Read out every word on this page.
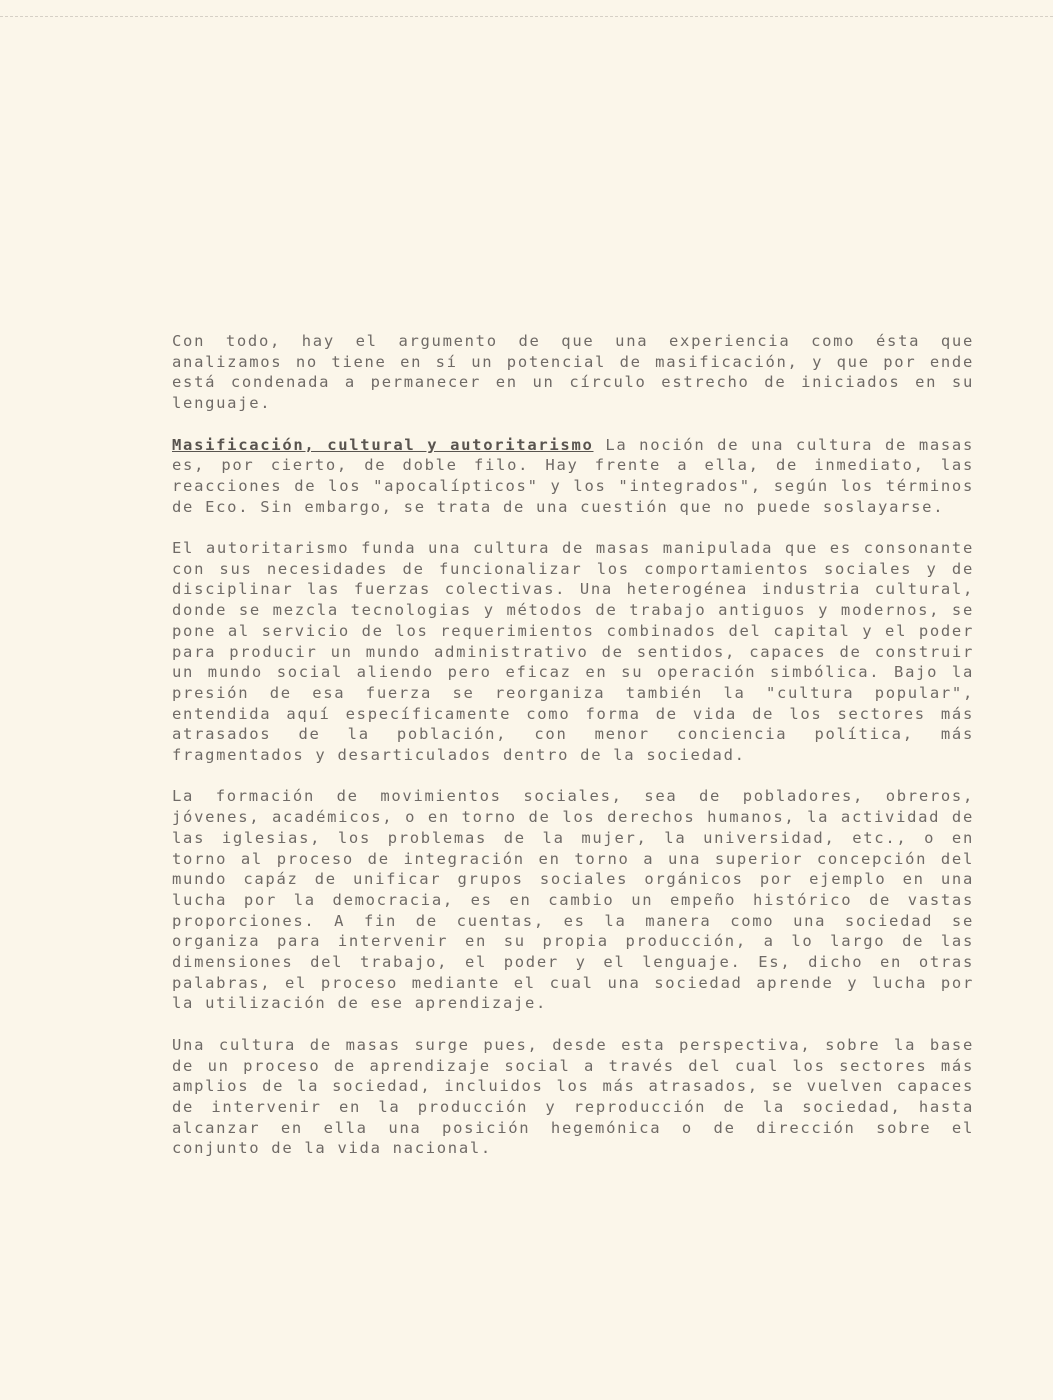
Con todo, hay el argumento de que una experiencia como ésta que analizamos no tiene en sí un potencial de masificación, y que por ende está condenada a permanecer en un círculo estrecho de iniciados en su lenguaje.

Masificación, cultural y autoritarismo La noción de una cultura de masas es, por cierto, de doble filo. Hay frente a ella, de inmediato, las reacciones de los "apocalípticos" y los "integrados", según los términos de Eco. Sin embargo, se trata de una cuestión que no puede soslayarse.

El autoritarismo funda una cultura de masas manipulada que es consonante con sus necesidades de funcionalizar los comportamientos sociales y de disciplinar las fuerzas colectivas. Una heterogénea industria cultural, donde se mezcla tecnologias y métodos de trabajo antiguos y modernos, se pone al servicio de los requerimientos combinados del capital y el poder para producir un mundo administrativo de sentidos, capaces de construir un mundo social aliendo pero eficaz en su operación simbólica. Bajo la presión de esa fuerza se reorganiza también la "cultura popular", entendida aquí específicamente como forma de vida de los sectores más atrasados de la población, con menor conciencia política, más fragmentados y desarticulados dentro de la sociedad.

La formación de movimientos sociales, sea de pobladores, obreros, jóvenes, académicos, o en torno de los derechos humanos, la actividad de las iglesias, los problemas de la mujer, la universidad, etc., o en torno al proceso de integración en torno a una superior concepción del mundo capáz de unificar grupos sociales orgánicos por ejemplo en una lucha por la democracia, es en cambio un empeño histórico de vastas proporciones. A fin de cuentas, es la manera como una sociedad se organiza para intervenir en su propia producción, a lo largo de las dimensiones del trabajo, el poder y el lenguaje. Es, dicho en otras palabras, el proceso mediante el cual una sociedad aprende y lucha por la utilización de ese aprendizaje.

Una cultura de masas surge pues, desde esta perspectiva, sobre la base de un proceso de aprendizaje social a través del cual los sectores más amplios de la sociedad, incluidos los más atrasados, se vuelven capaces de intervenir en la producción y reproducción de la sociedad, hasta alcanzar en ella una posición hegemónica o de dirección sobre el conjunto de la vida nacional.
